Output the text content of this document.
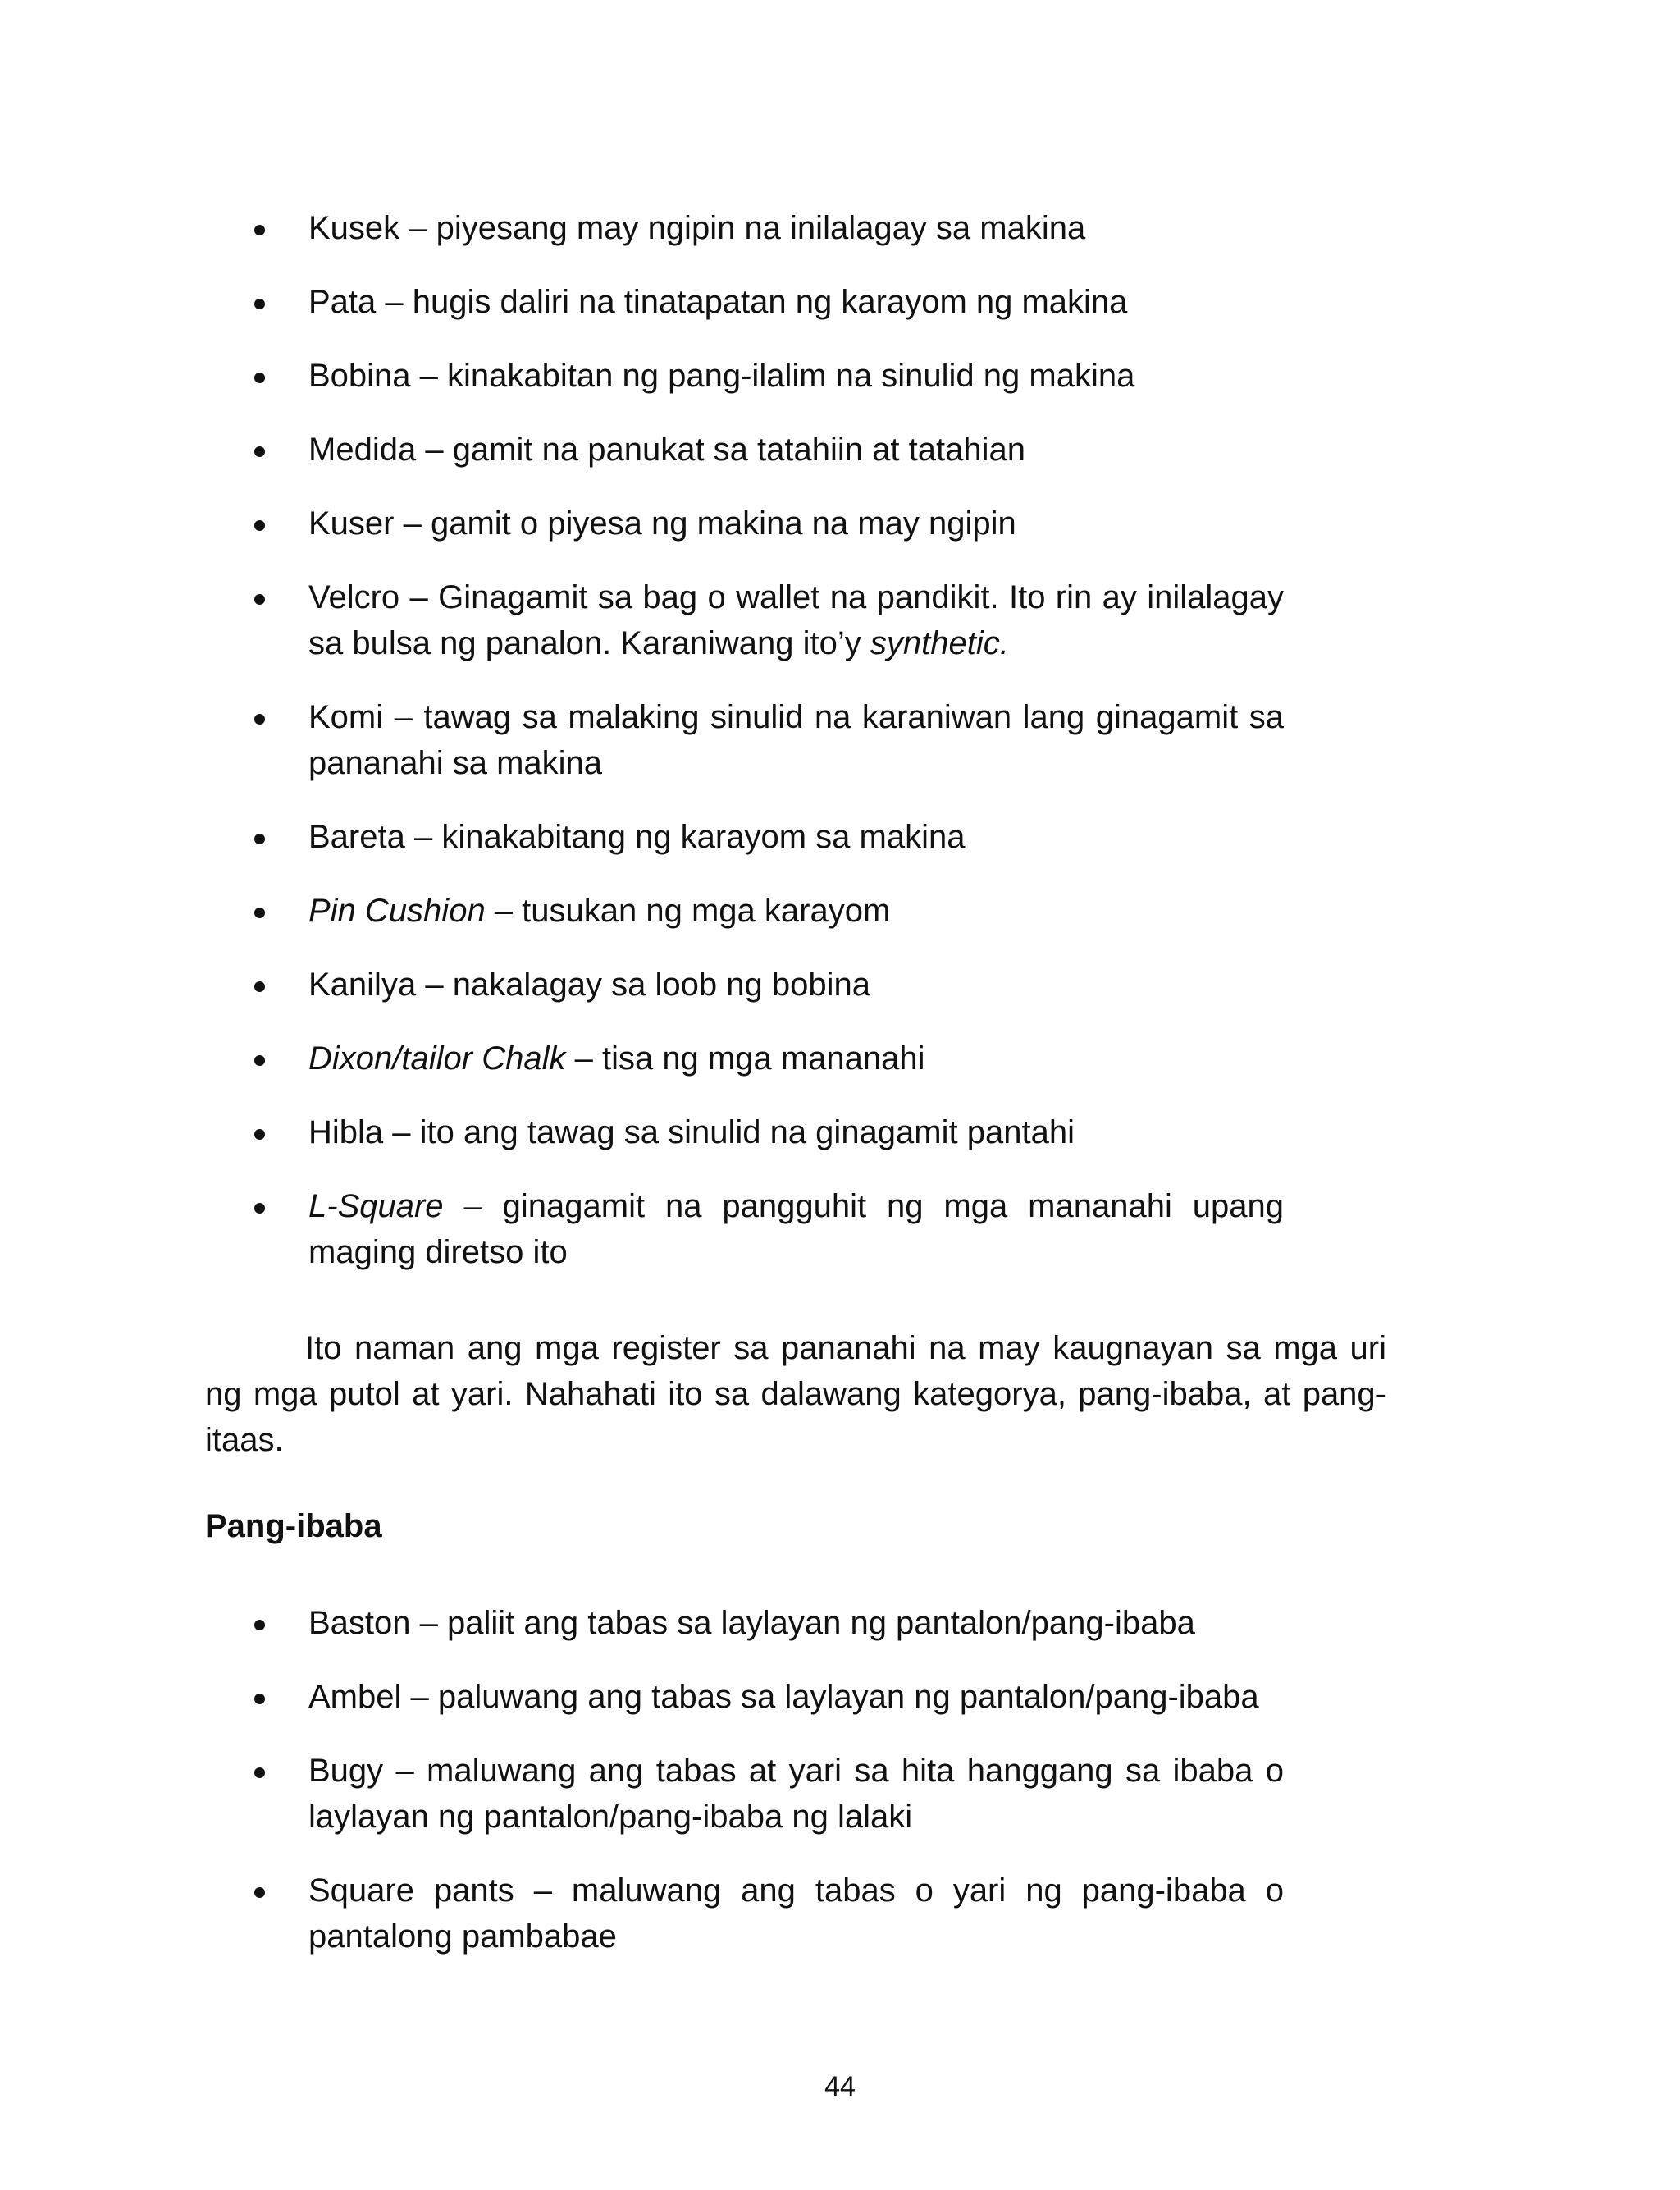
Kusek – piyesang may ngipin na inilalagay sa makina
Pata – hugis daliri na tinatapatan ng karayom ng makina
Bobina – kinakabitan ng pang-ilalim na sinulid ng makina
Medida – gamit na panukat sa tatahiin at tatahian
Kuser – gamit o piyesa ng makina na may ngipin
Velcro – Ginagamit sa bag o wallet na pandikit. Ito rin ay inilalagay sa bulsa ng panalon. Karaniwang ito’y synthetic.
Komi – tawag sa malaking sinulid na karaniwan lang ginagamit sa pananahi sa makina
Bareta – kinakabitang ng karayom sa makina
Pin Cushion – tusukan ng mga karayom
Kanilya – nakalagay sa loob ng bobina
Dixon/tailor Chalk – tisa ng mga mananahi
Hibla – ito ang tawag sa sinulid na ginagamit pantahi
L-Square – ginagamit na pangguhit ng mga mananahi upang maging diretso ito

Ito naman ang mga register sa pananahi na may kaugnayan sa mga uri ng mga putol at yari. Nahahati ito sa dalawang kategorya, pang-ibaba, at pang-itaas.

Pang-ibaba
Baston – paliit ang tabas sa laylayan ng pantalon/pang-ibaba
Ambel – paluwang ang tabas sa laylayan ng pantalon/pang-ibaba
Bugy – maluwang ang tabas at yari sa hita hanggang sa ibaba o laylayan ng pantalon/pang-ibaba ng lalaki
Square pants – maluwang ang tabas o yari ng pang-ibaba o pantalong pambabae
44
